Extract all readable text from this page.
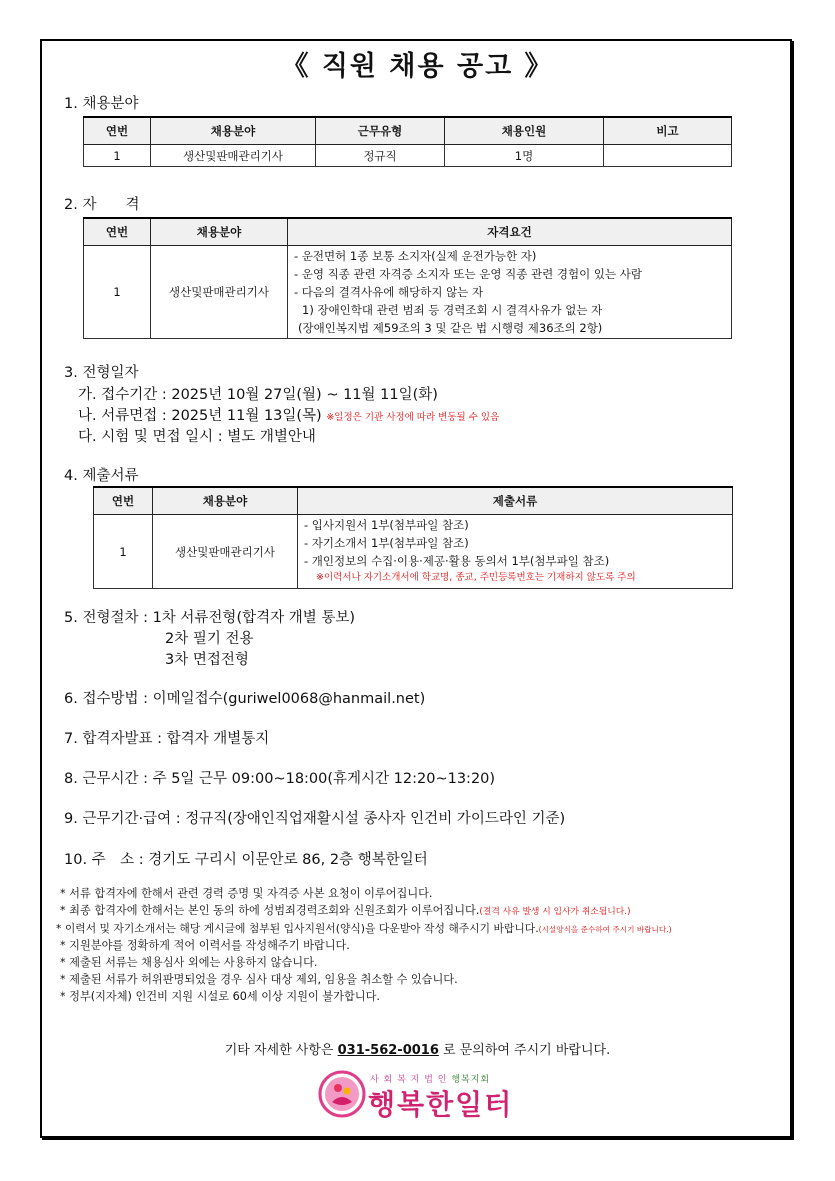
《 직원 채용 공고 》
1. 채용분야
연번	채용분야	근무유형	채용인원	비고
1	생산및판매관리기사	정규직	1명	
2. 자　　격
연번	채용분야	자격요건
1	생산및판매관리기사	- 운전면허 1종 보통 소지자(실제 운전가능한 자)
- 운영 직종 관련 자격증 소지자 또는 운영 직종 관련 경험이 있는 사람
- 다음의 결격사유에 해당하지 않는 자
1) 장애인학대 관련 범죄 등 경력조회 시 결격사유가 없는 자
(장애인복지법 제59조의 3 및 같은 법 시행령 제36조의 2항)
3. 전형일자
가. 접수기간 : 2025년 10월 27일(월) ~ 11월 11일(화)
나. 서류면접 : 2025년 11월 13일(목) ※일정은 기관 사정에 따라 변동될 수 있음
다. 시험 및 면접 일시 : 별도 개별안내
4. 제출서류
연번	채용분야	제출서류
1	생산및판매관리기사	- 입사지원서 1부(첨부파일 참조)
- 자기소개서 1부(첨부파일 참조)
- 개인정보의 수집·이용·제공·활용 동의서 1부(첨부파일 참조)
※이력서나 자기소개서에 학교명, 종교, 주민등록번호는 기재하지 않도록 주의
5. 전형절차 : 1차 서류전형(합격자 개별 통보)
2차 필기 전용
3차 면접전형
6. 접수방법 : 이메일접수(guriwel0068@hanmail.net)
7. 합격자발표 : 합격자 개별통지
8. 근무시간 : 주 5일 근무 09:00~18:00(휴게시간 12:20~13:20)
9. 근무기간·급여 : 정규직(장애인직업재활시설 종사자 인건비 가이드라인 기준)
10. 주　소 : 경기도 구리시 이문안로 86, 2층 행복한일터
* 서류 합격자에 한해서 관련 경력 증명 및 자격증 사본 요청이 이루어집니다.
* 최종 합격자에 한해서는 본인 동의 하에 성범죄경력조회와 신원조회가 이루어집니다.(결격 사유 발생 시 입사가 취소됩니다.)
* 이력서 및 자기소개서는 해당 게시글에 첨부된 입사지원서(양식)을 다운받아 작성 해주시기 바랍니다.(시설양식을 준수하여 주시기 바랍니다.)
* 지원분야를 정확하게 적어 이력서를 작성해주기 바랍니다.
* 제출된 서류는 채용심사 외에는 사용하지 않습니다.
* 제출된 서류가 허위판명되었을 경우 심사 대상 제외, 임용을 취소할 수 있습니다.
* 정부(지자체) 인건비 지원 시설로 60세 이상 지원이 불가합니다.
기타 자세한 사항은 031-562-0016 로 문의하여 주시기 바랍니다.
사 회 복 지 법 인 행복지회
행복한일터
